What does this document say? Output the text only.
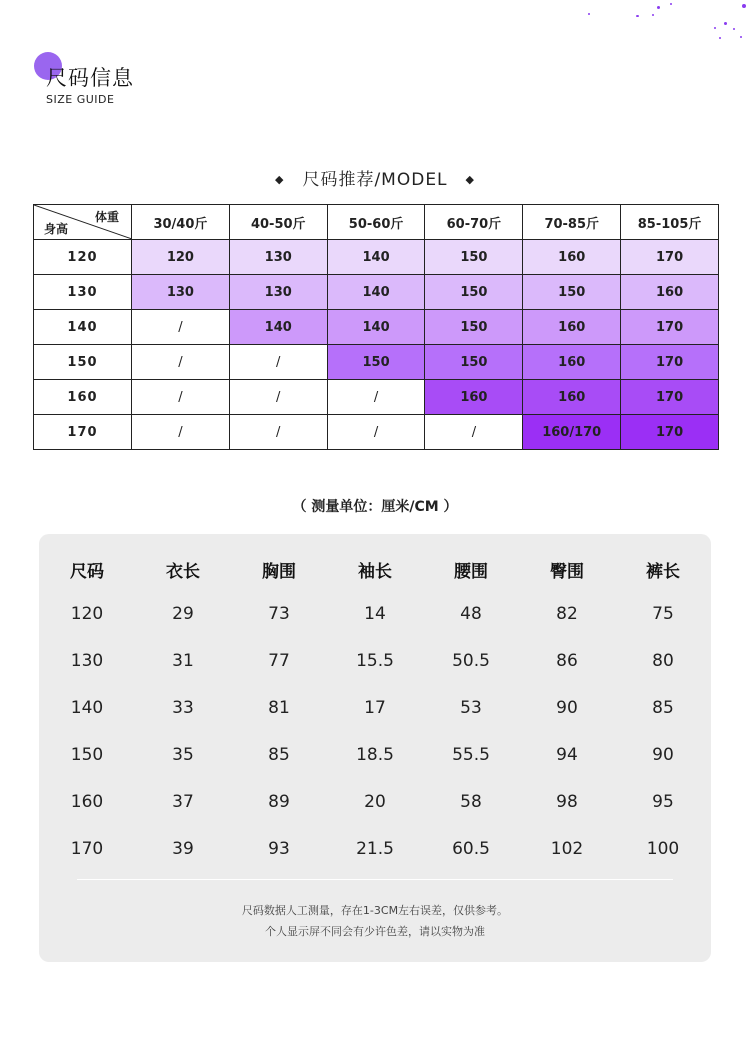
尺码信息
SIZE GUIDE
◆ 尺码推荐/MODEL ◆
体重
身高	30/40斤	40-50斤	50-60斤	60-70斤	70-85斤	85-105斤
120	120	130	140	150	160	170
130	130	130	140	150	150	160
140	/	140	140	150	160	170
150	/	/	150	150	160	170
160	/	/	/	160	160	170
170	/	/	/	/	160/170	170
（ 测量单位：厘米/CM ）
尺码	衣长	胸围	袖长	腰围	臀围	裤长
120	29	73	14	48	82	75
130	31	77	15.5	50.5	86	80
140	33	81	17	53	90	85
150	35	85	18.5	55.5	94	90
160	37	89	20	58	98	95
170	39	93	21.5	60.5	102	100
尺码数据人工测量，存在1-3CM左右误差，仅供参考。
个人显示屏不同会有少许色差，请以实物为准
